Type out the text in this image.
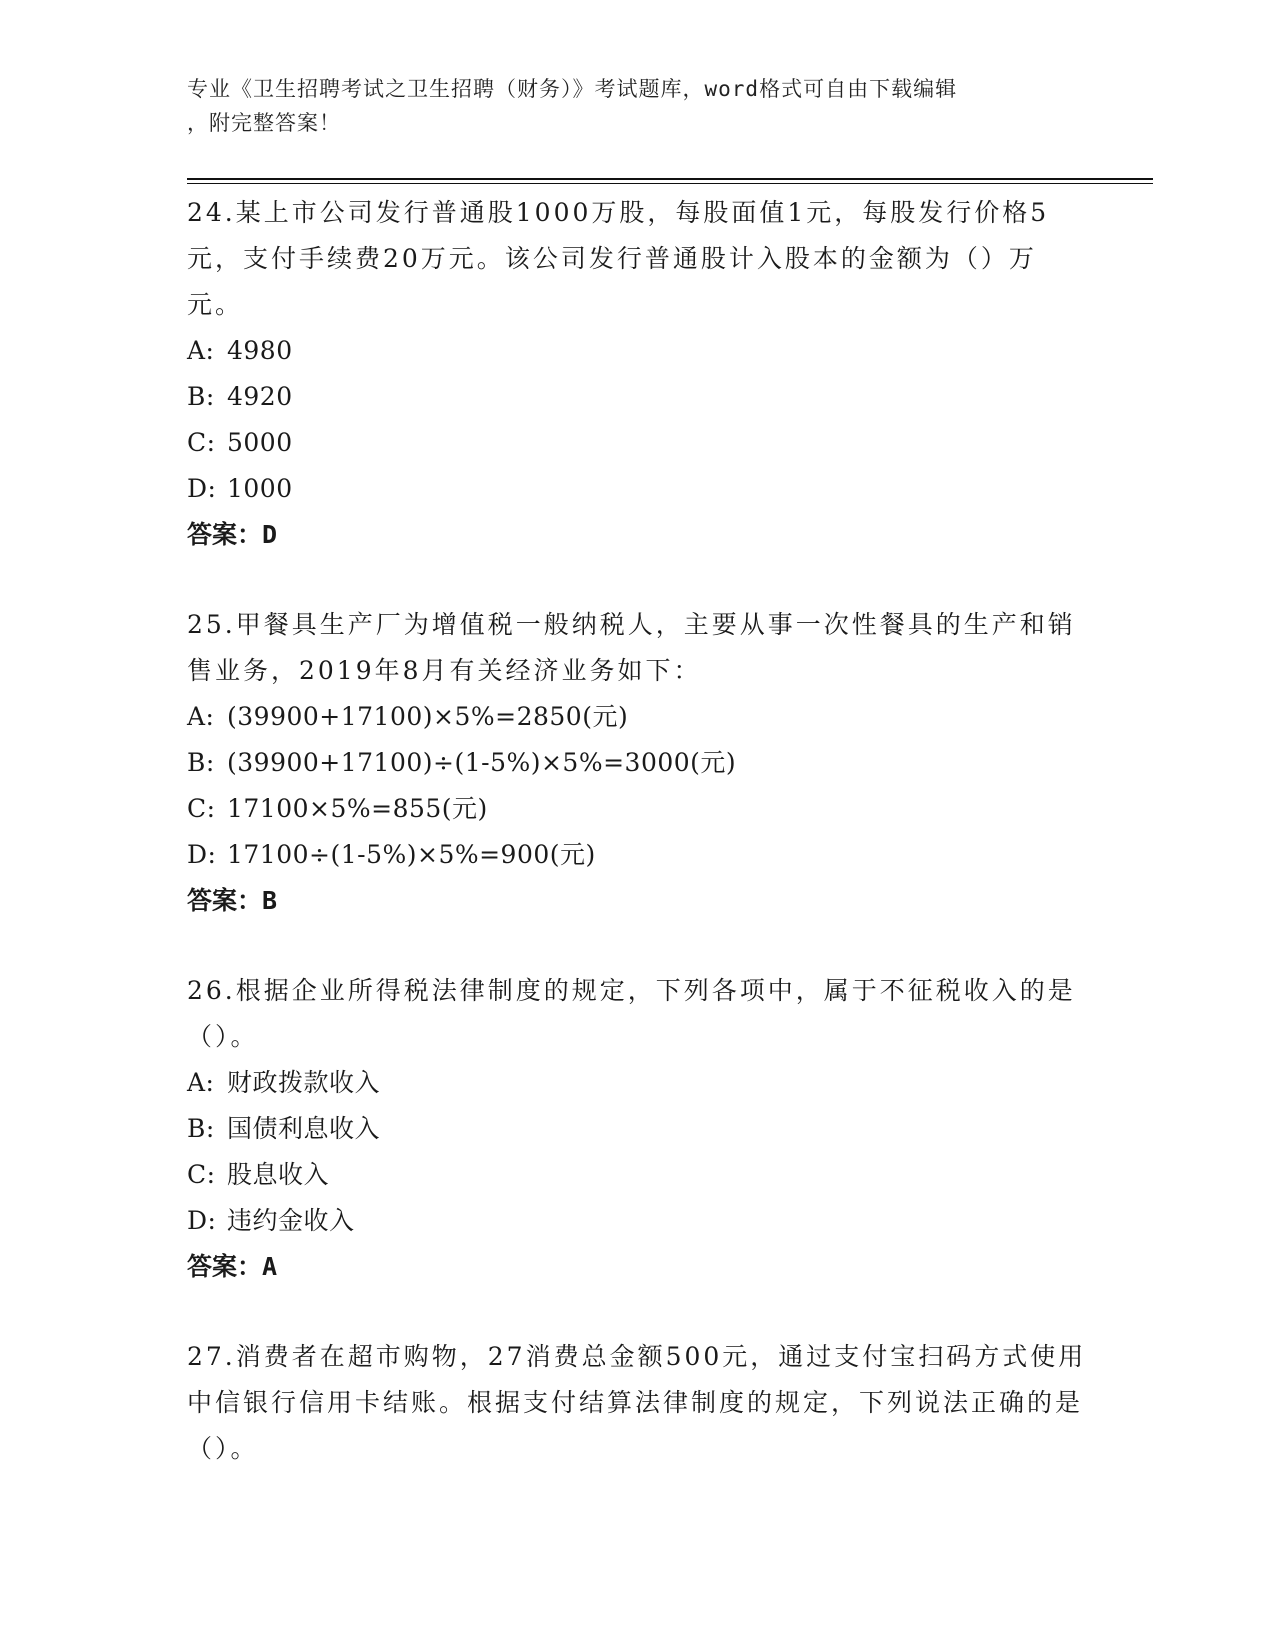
专业《卫生招聘考试之卫生招聘（财务）》考试题库，word格式可自由下载编辑
，附完整答案！
24.某上市公司发行普通股1000万股，每股面值1元，每股发行价格5元，支付手续费20万元。该公司发行普通股计入股本的金额为（）万元。
A: 4980
B: 4920
C: 5000
D: 1000
答案：D
25.甲餐具生产厂为增值税一般纳税人，主要从事一次性餐具的生产和销售业务，2019年8月有关经济业务如下：
A: (39900+17100)×5%=2850(元)
B: (39900+17100)÷(1-5%)×5%=3000(元)
C: 17100×5%=855(元)
D: 17100÷(1-5%)×5%=900(元)
答案：B
26.根据企业所得税法律制度的规定，下列各项中，属于不征税收入的是（）。
A: 财政拨款收入
B: 国债利息收入
C: 股息收入
D: 违约金收入
答案：A
27.消费者在超市购物，27消费总金额500元，通过支付宝扫码方式使用中信银行信用卡结账。根据支付结算法律制度的规定，下列说法正确的是（）。
